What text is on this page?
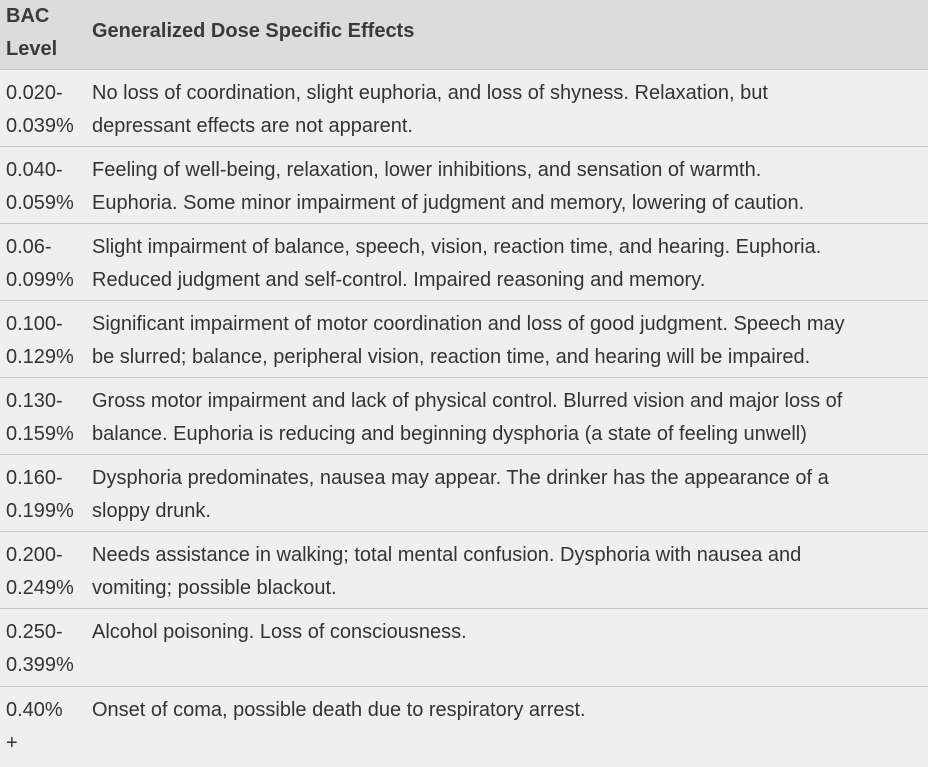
BAC
Level	Generalized Dose Specific Effects

0.020-
0.039%	No loss of coordination, slight euphoria, and loss of shyness. Relaxation, but
depressant effects are not apparent.

0.040-
0.059%	Feeling of well-being, relaxation, lower inhibitions, and sensation of warmth.
Euphoria. Some minor impairment of judgment and memory, lowering of caution.

0.06-
0.099%	Slight impairment of balance, speech, vision, reaction time, and hearing. Euphoria.
Reduced judgment and self-control. Impaired reasoning and memory.

0.100-
0.129%	Significant impairment of motor coordination and loss of good judgment. Speech may
be slurred; balance, peripheral vision, reaction time, and hearing will be impaired.

0.130-
0.159%	Gross motor impairment and lack of physical control. Blurred vision and major loss of
balance. Euphoria is reducing and beginning dysphoria (a state of feeling unwell)

0.160-
0.199%	Dysphoria predominates, nausea may appear. The drinker has the appearance of a
sloppy drunk.

0.200-
0.249%	Needs assistance in walking; total mental confusion. Dysphoria with nausea and
vomiting; possible blackout.

0.250-
0.399%	Alcohol poisoning. Loss of consciousness.

0.40%
+	Onset of coma, possible death due to respiratory arrest.
